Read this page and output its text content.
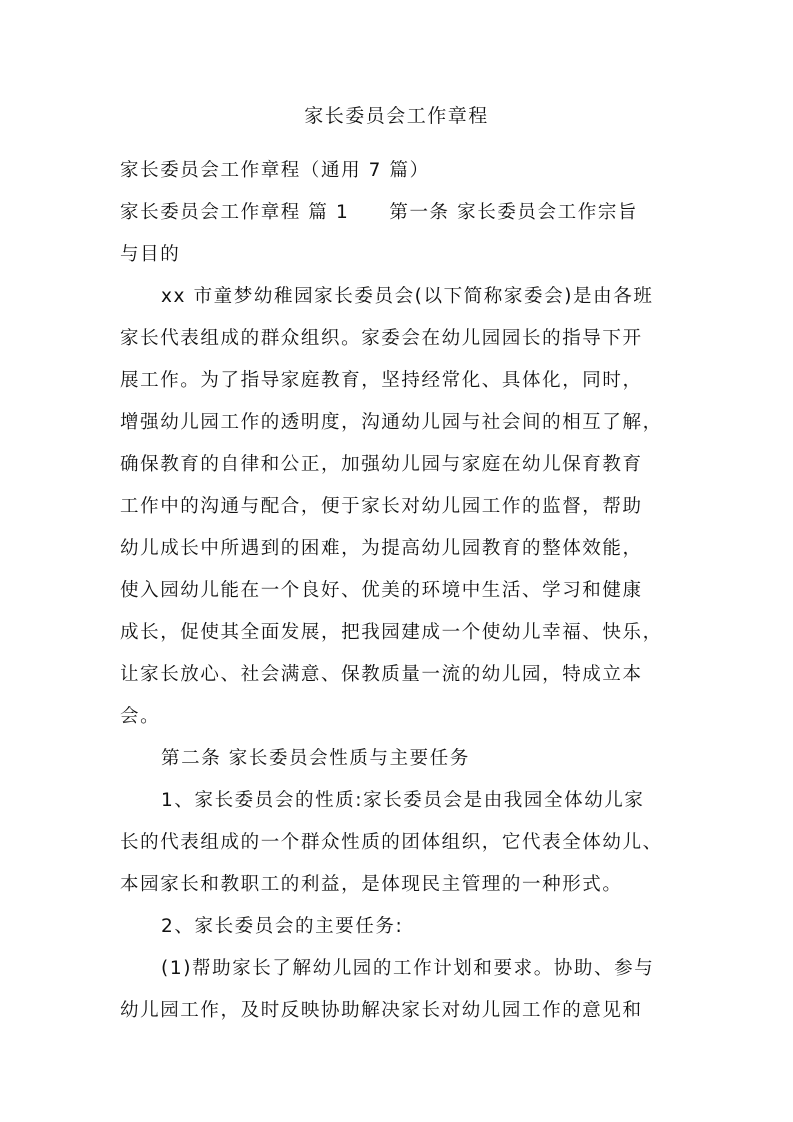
家长委员会工作章程
家长委员会工作章程（通用 7 篇）
家长委员会工作章程 篇 1 第一条 家长委员会工作宗旨
与目的
xx 市童梦幼稚园家长委员会(以下简称家委会)是由各班
家长代表组成的群众组织。家委会在幼儿园园长的指导下开
展工作。为了指导家庭教育，坚持经常化、具体化，同时，
增强幼儿园工作的透明度，沟通幼儿园与社会间的相互了解，
确保教育的自律和公正，加强幼儿园与家庭在幼儿保育教育
工作中的沟通与配合，便于家长对幼儿园工作的监督，帮助
幼儿成长中所遇到的困难，为提高幼儿园教育的整体效能，
使入园幼儿能在一个良好、优美的环境中生活、学习和健康
成长，促使其全面发展，把我园建成一个使幼儿幸福、快乐，
让家长放心、社会满意、保教质量一流的幼儿园，特成立本
会。
第二条 家长委员会性质与主要任务
1、家长委员会的性质:家长委员会是由我园全体幼儿家
长的代表组成的一个群众性质的团体组织，它代表全体幼儿、
本园家长和教职工的利益，是体现民主管理的一种形式。
2、家长委员会的主要任务:
(1)帮助家长了解幼儿园的工作计划和要求。协助、参与
幼儿园工作，及时反映协助解决家长对幼儿园工作的意见和
